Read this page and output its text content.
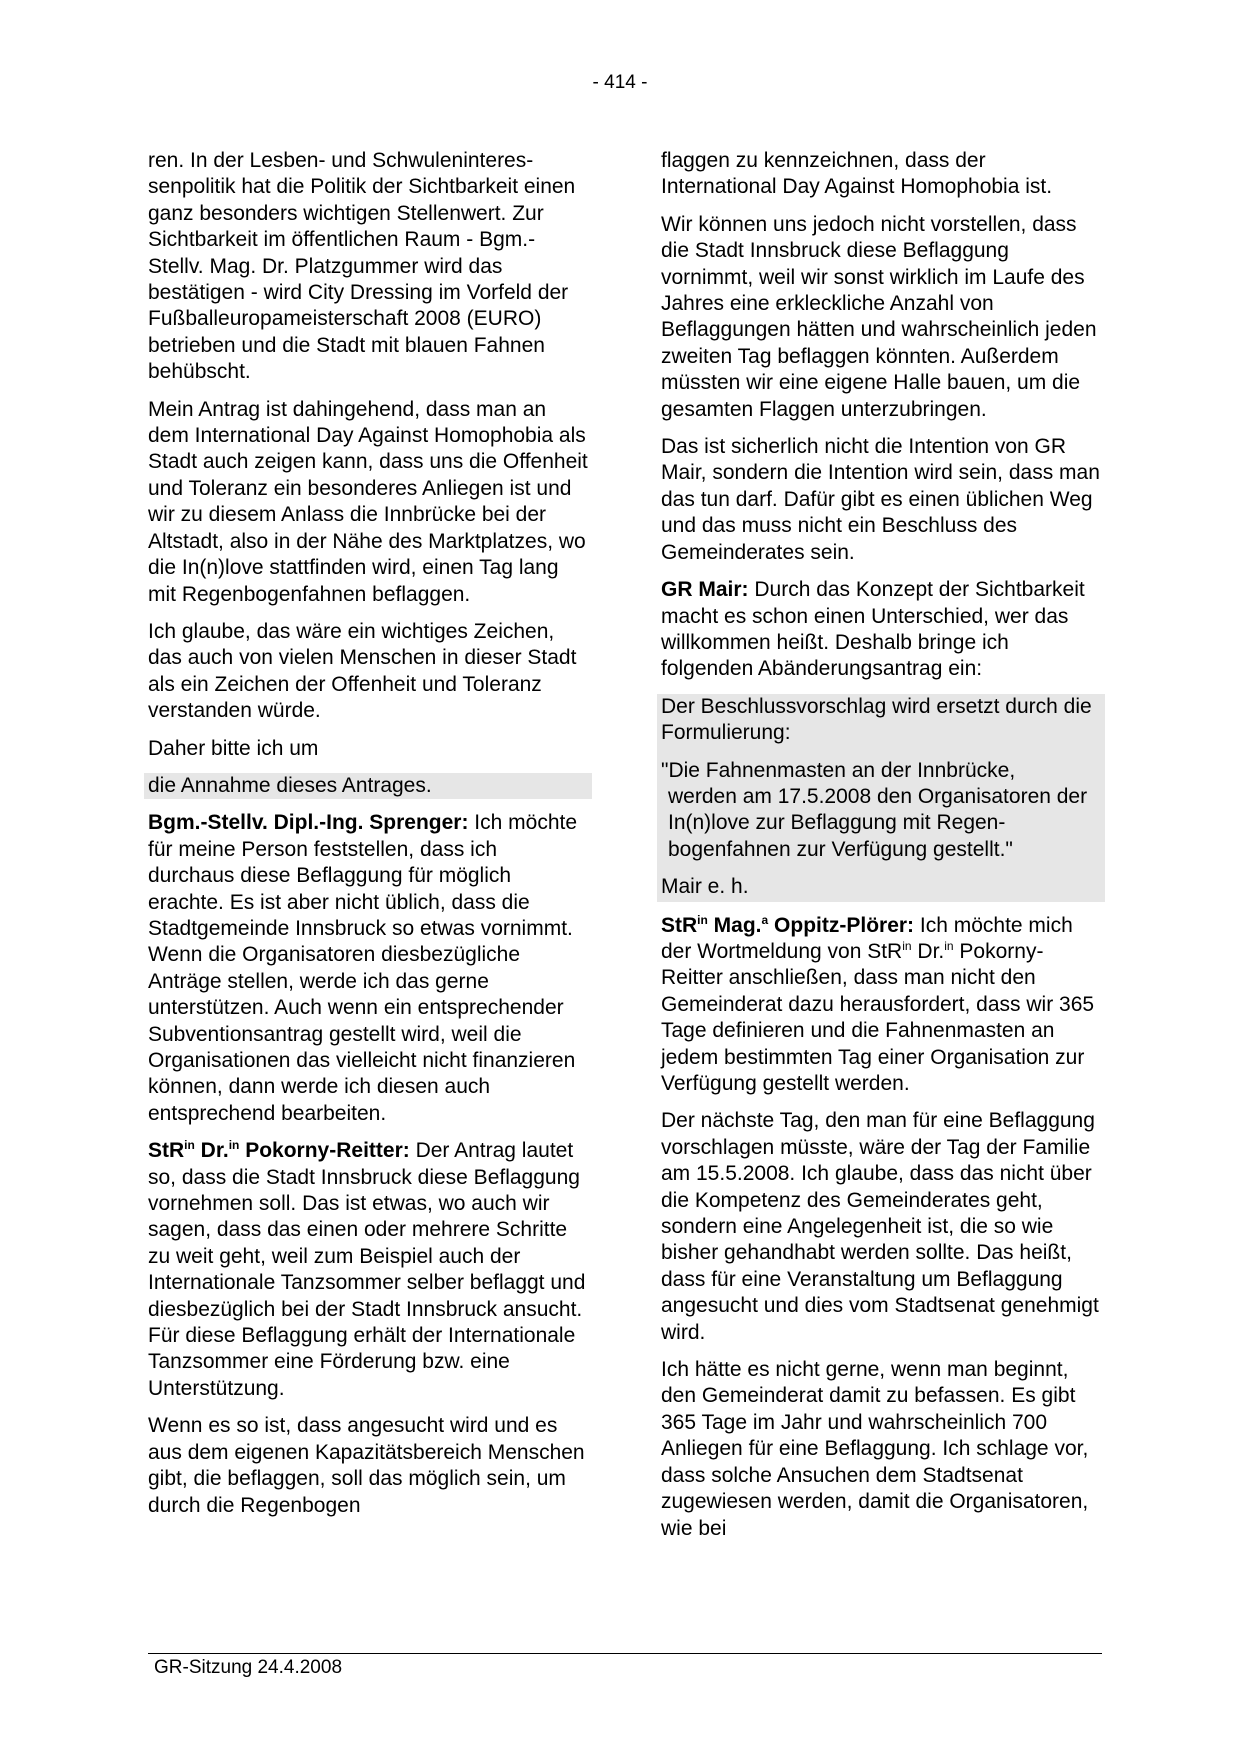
- 414 -

ren. In der Lesben- und Schwuleninteressenpolitik hat die Politik der Sichtbarkeit einen ganz besonders wichtigen Stellenwert. Zur Sichtbarkeit im öffentlichen Raum - Bgm.-Stellv. Mag. Dr. Platzgummer wird das bestätigen - wird City Dressing im Vorfeld der Fußballeuropameisterschaft 2008 (EURO) betrieben und die Stadt mit blauen Fahnen behübscht.

Mein Antrag ist dahingehend, dass man an dem International Day Against Homophobia als Stadt auch zeigen kann, dass uns die Offenheit und Toleranz ein besonderes Anliegen ist und wir zu diesem Anlass die Innbrücke bei der Altstadt, also in der Nähe des Marktplatzes, wo die In(n)love stattfinden wird, einen Tag lang mit Regenbogenfahnen beflaggen.

Ich glaube, das wäre ein wichtiges Zeichen, das auch von vielen Menschen in dieser Stadt als ein Zeichen der Offenheit und Toleranz verstanden würde.

Daher bitte ich um

die Annahme dieses Antrages.

Bgm.-Stellv. Dipl.-Ing. Sprenger: Ich möchte für meine Person feststellen, dass ich durchaus diese Beflaggung für möglich erachte. Es ist aber nicht üblich, dass die Stadtgemeinde Innsbruck so etwas vornimmt. Wenn die Organisatoren diesbezügliche Anträge stellen, werde ich das gerne unterstützen. Auch wenn ein entsprechender Subventionsantrag gestellt wird, weil die Organisationen das vielleicht nicht finanzieren können, dann werde ich diesen auch entsprechend bearbeiten.

StR$^{in}$ Dr.$^{in}$ Pokorny-Reitter: Der Antrag lautet so, dass die Stadt Innsbruck diese Beflaggung vornehmen soll. Das ist etwas, wo auch wir sagen, dass das einen oder mehrere Schritte zu weit geht, weil zum Beispiel auch der Internationale Tanzsommer selber beflaggt und diesbezüglich bei der Stadt Innsbruck ansucht. Für diese Beflaggung erhält der Internationale Tanzsommer eine Förderung bzw. eine Unterstützung.

Wenn es so ist, dass angesucht wird und es aus dem eigenen Kapazitätsbereich Menschen gibt, die beflaggen, soll das möglich sein, um durch die Regenbogen

flaggen zu kennzeichnen, dass der International Day Against Homophobia ist.

Wir können uns jedoch nicht vorstellen, dass die Stadt Innsbruck diese Beflaggung vornimmt, weil wir sonst wirklich im Laufe des Jahres eine erkleckliche Anzahl von Beflaggungen hätten und wahrscheinlich jeden zweiten Tag beflaggen könnten. Außerdem müssten wir eine eigene Halle bauen, um die gesamten Flaggen unterzubringen.

Das ist sicherlich nicht die Intention von GR Mair, sondern die Intention wird sein, dass man das tun darf. Dafür gibt es einen üblichen Weg und das muss nicht ein Beschluss des Gemeinderates sein.

GR Mair: Durch das Konzept der Sichtbarkeit macht es schon einen Unterschied, wer das willkommen heißt. Deshalb bringe ich folgenden Abänderungsantrag ein:

Der Beschlussvorschlag wird ersetzt durch die Formulierung:

"Die Fahnenmasten an der Innbrücke,

werden am 17.5.2008 den Organisatoren der In(n)love zur Beflaggung mit Regenbogenfahnen zur Verfügung gestellt."

Mair e. h.

StR$^{in}$ Mag.$^a$ Oppitz-Plörer: Ich möchte mich der Wortmeldung von StR$^{in}$ Dr.$^{in}$ Pokorny-Reitter anschließen, dass man nicht den Gemeinderat dazu herausfordert, dass wir 365 Tage definieren und die Fahnenmasten an jedem bestimmten Tag einer Organisation zur Verfügung gestellt werden.

Der nächste Tag, den man für eine Beflaggung vorschlagen müsste, wäre der Tag der Familie am 15.5.2008. Ich glaube, dass das nicht über die Kompetenz des Gemeinderates geht, sondern eine Angelegenheit ist, die so wie bisher gehandhabt werden sollte. Das heißt, dass für eine Veranstaltung um Beflaggung angesucht und dies vom Stadtsenat genehmigt wird.

Ich hätte es nicht gerne, wenn man beginnt, den Gemeinderat damit zu befassen. Es gibt 365 Tage im Jahr und wahrscheinlich 700 Anliegen für eine Beflaggung. Ich schlage vor, dass solche Ansuchen dem Stadtsenat zugewiesen werden, damit die Organisatoren, wie bei

GR-Sitzung 24.4.2008
